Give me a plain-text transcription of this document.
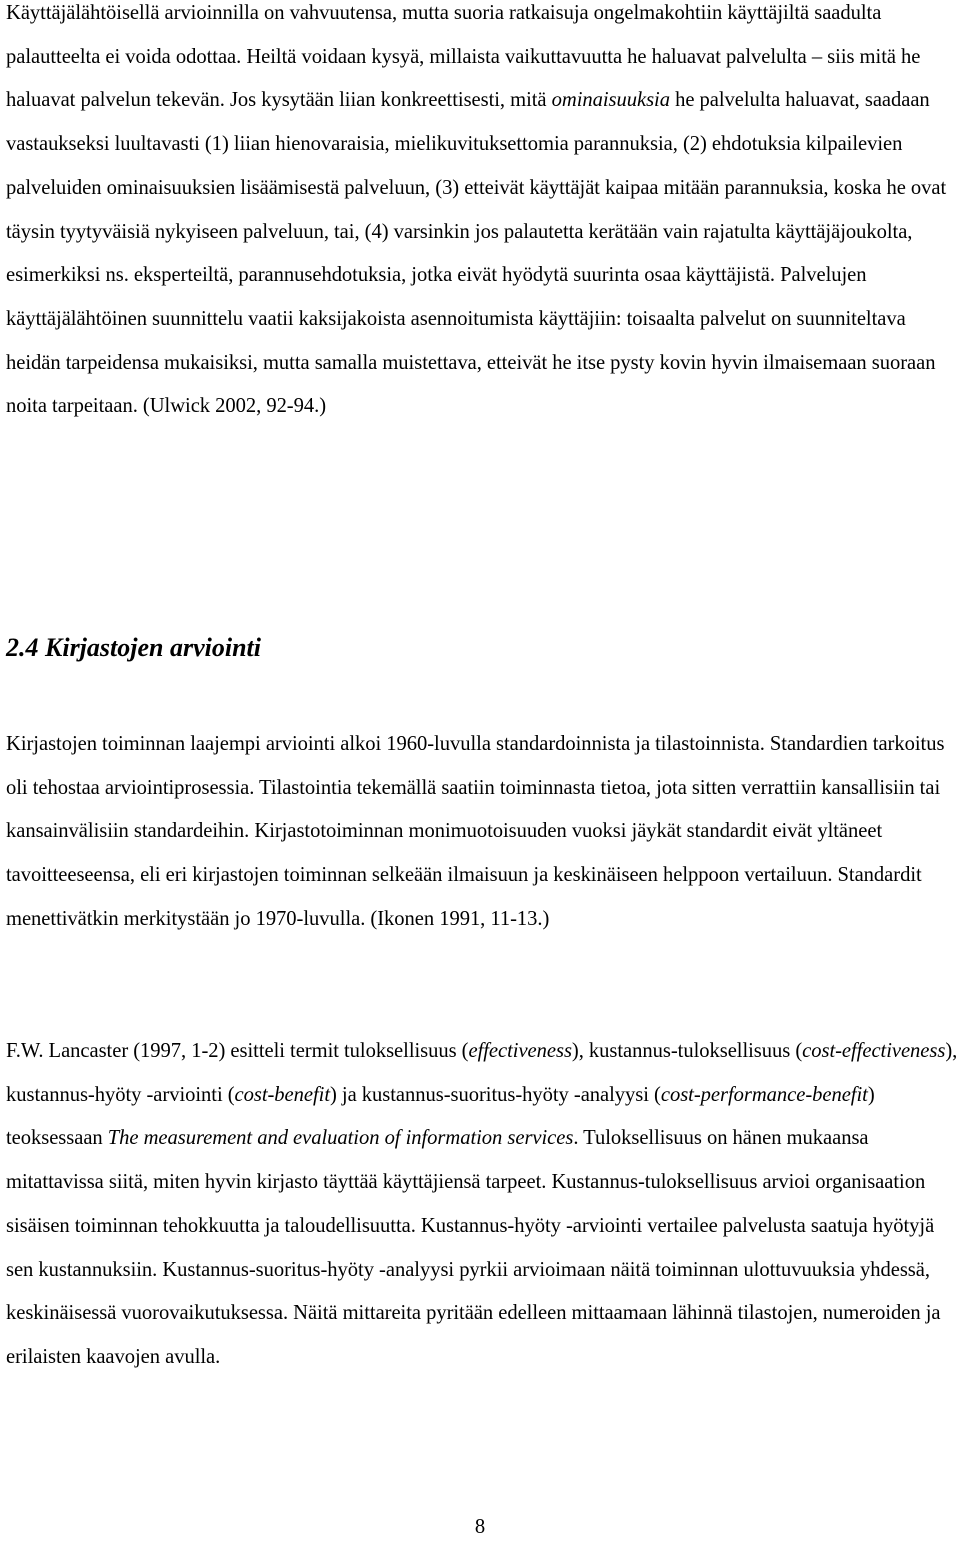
Käyttäjälähtöisellä arvioinnilla on vahvuutensa, mutta suoria ratkaisuja ongelmakohtiin käyttäjiltä saadulta palautteelta ei voida odottaa. Heiltä voidaan kysyä, millaista vaikuttavuutta he haluavat palvelulta – siis mitä he haluavat palvelun tekevän. Jos kysytään liian konkreettisesti, mitä ominaisuuksia he palvelulta haluavat, saadaan vastaukseksi luultavasti (1) liian hienovaraisia, mielikuvituksettomia parannuksia, (2) ehdotuksia kilpailevien palveluiden ominaisuuksien lisäämisestä palveluun, (3) etteivät käyttäjät kaipaa mitään parannuksia, koska he ovat täysin tyytyväisiä nykyiseen palveluun, tai, (4) varsinkin jos palautetta kerätään vain rajatulta käyttäjäjoukolta, esimerkiksi ns. eksperteiltä, parannusehdotuksia, jotka eivät hyödytä suurinta osaa käyttäjistä. Palvelujen käyttäjälähtöinen suunnittelu vaatii kaksijakoista asennoitumista käyttäjiin: toisaalta palvelut on suunniteltava heidän tarpeidensa mukaisiksi, mutta samalla muistettava, etteivät he itse pysty kovin hyvin ilmaisemaan suoraan noita tarpeitaan. (Ulwick 2002, 92-94.)

2.4 Kirjastojen arviointi

Kirjastojen toiminnan laajempi arviointi alkoi 1960-luvulla standardoinnista ja tilastoinnista. Standardien tarkoitus oli tehostaa arviointiprosessia. Tilastointia tekemällä saatiin toiminnasta tietoa, jota sitten verrattiin kansallisiin tai kansainvälisiin standardeihin. Kirjastotoiminnan monimuotoisuuden vuoksi jäykät standardit eivät yltäneet tavoitteeseensa, eli eri kirjastojen toiminnan selkeään ilmaisuun ja keskinäiseen helppoon vertailuun. Standardit menettivätkin merkitystään jo 1970-luvulla. (Ikonen 1991, 11-13.)

F.W. Lancaster (1997, 1-2) esitteli termit tuloksellisuus (effectiveness), kustannus-tuloksellisuus (cost-effectiveness), kustannus-hyöty -arviointi (cost-benefit) ja kustannus-suoritus-hyöty -analyysi (cost-performance-benefit) teoksessaan The measurement and evaluation of information services. Tuloksellisuus on hänen mukaansa mitattavissa siitä, miten hyvin kirjasto täyttää käyttäjiensä tarpeet. Kustannus-tuloksellisuus arvioi organisaation sisäisen toiminnan tehokkuutta ja taloudellisuutta. Kustannus-hyöty -arviointi vertailee palvelusta saatuja hyötyjä sen kustannuksiin. Kustannus-suoritus-hyöty -analyysi pyrkii arvioimaan näitä toiminnan ulottuvuuksia yhdessä, keskinäisessä vuorovaikutuksessa. Näitä mittareita pyritään edelleen mittaamaan lähinnä tilastojen, numeroiden ja erilaisten kaavojen avulla.

8
